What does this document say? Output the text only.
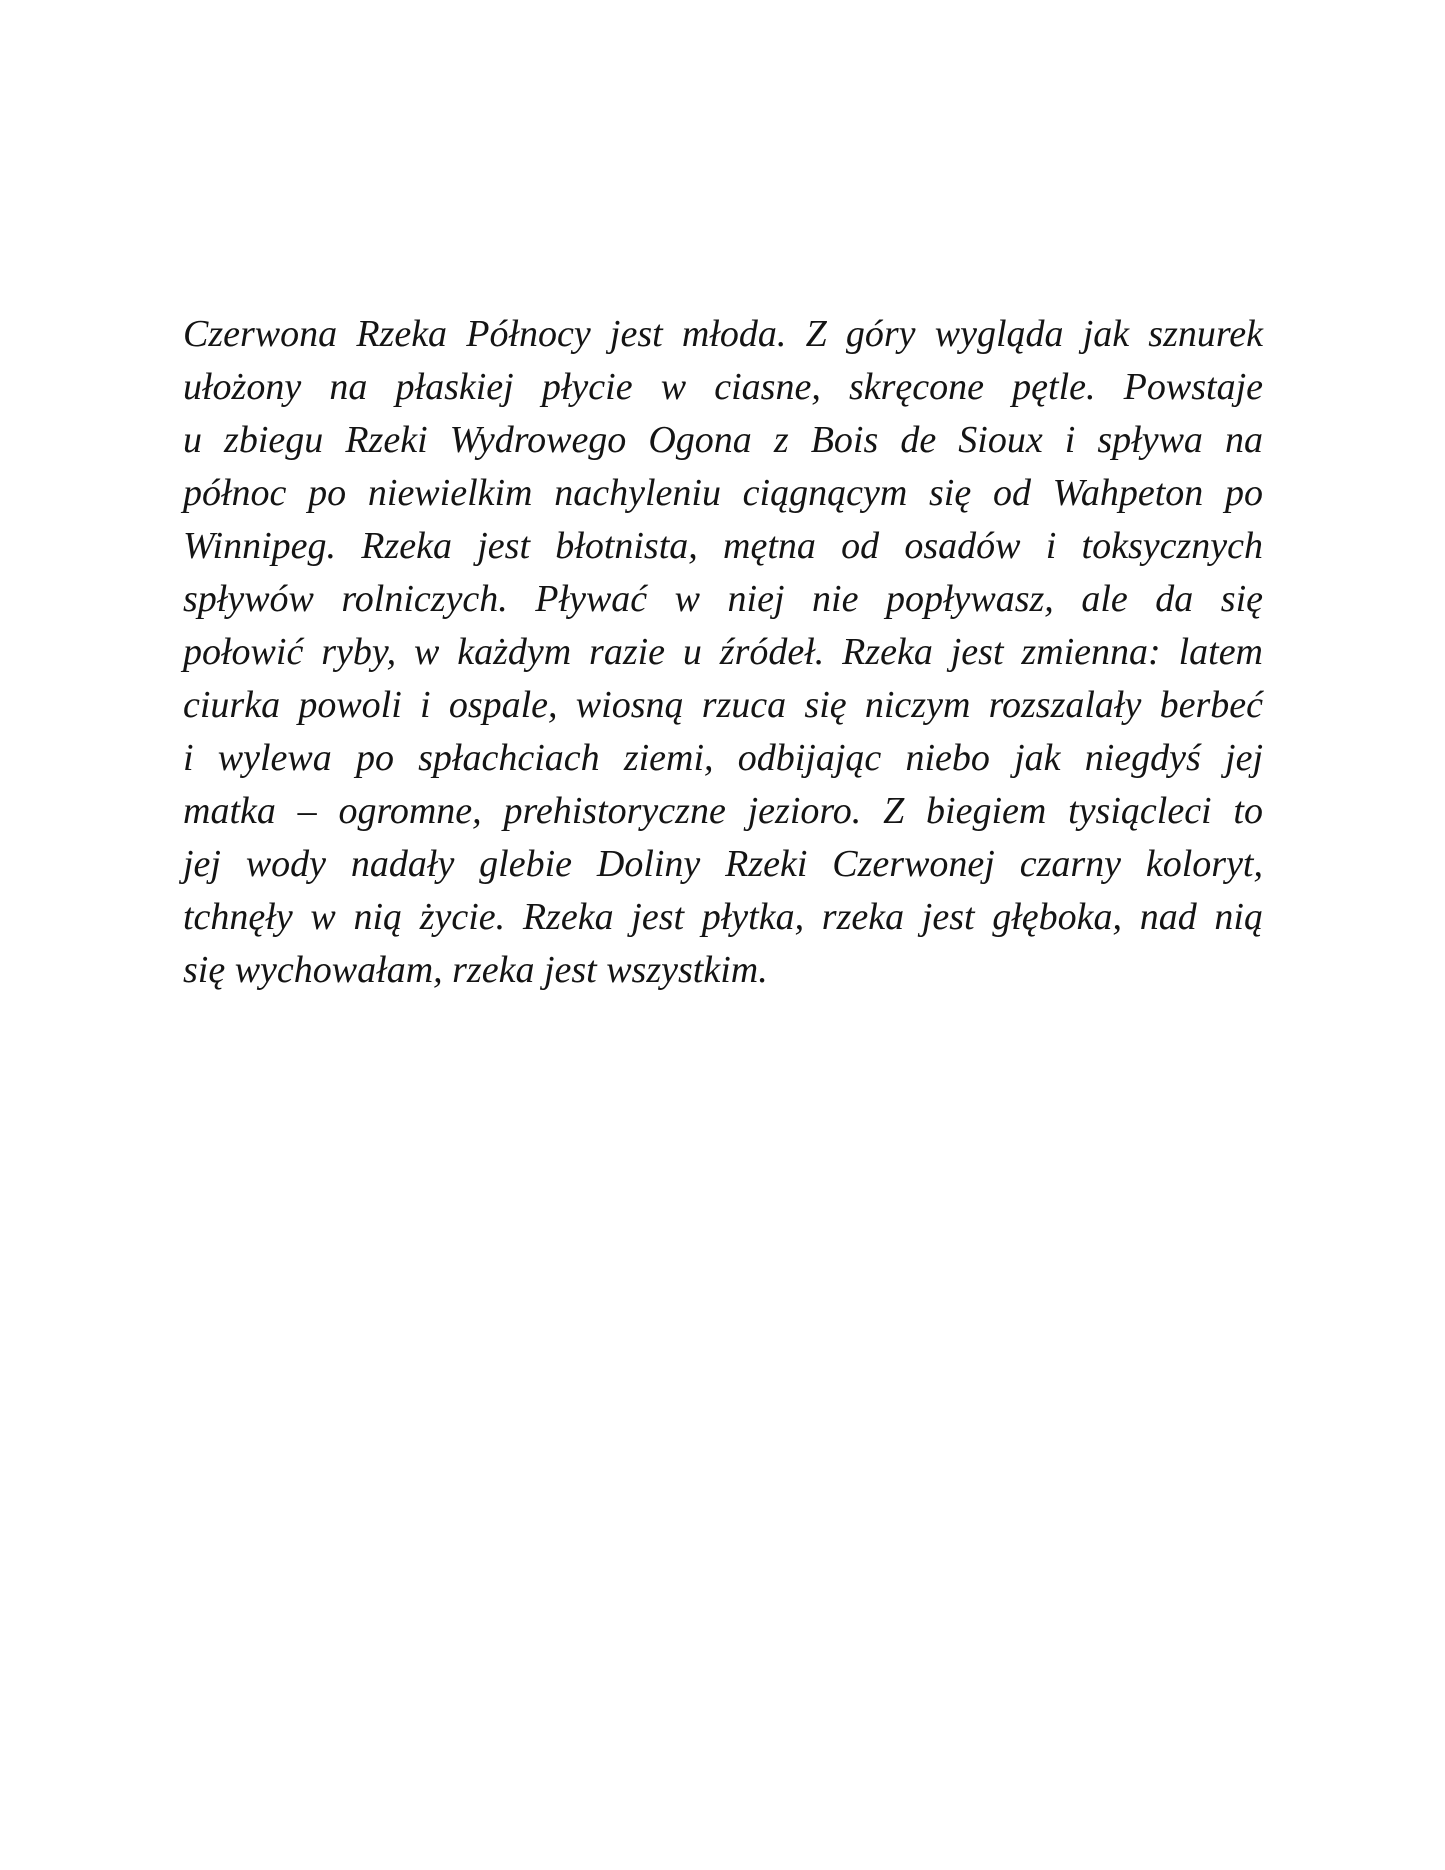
Czerwona Rzeka Północy jest młoda. Z góry wygląda jak sznurek
ułożony na płaskiej płycie w ciasne, skręcone pętle. Powstaje
u zbiegu Rzeki Wydrowego Ogona z Bois de Sioux i spływa na
północ po niewielkim nachyleniu ciągnącym się od Wahpeton po
Winnipeg. Rzeka jest błotnista, mętna od osadów i toksycznych
spływów rolniczych. Pływać w niej nie popływasz, ale da się
połowić ryby, w każdym razie u źródeł. Rzeka jest zmienna: latem
ciurka powoli i ospale, wiosną rzuca się niczym rozszalały berbeć
i wylewa po spłachciach ziemi, odbijając niebo jak niegdyś jej
matka – ogromne, prehistoryczne jezioro. Z biegiem tysiącleci to
jej wody nadały glebie Doliny Rzeki Czerwonej czarny koloryt,
tchnęły w nią życie. Rzeka jest płytka, rzeka jest głęboka, nad nią
się wychowałam, rzeka jest wszystkim.
